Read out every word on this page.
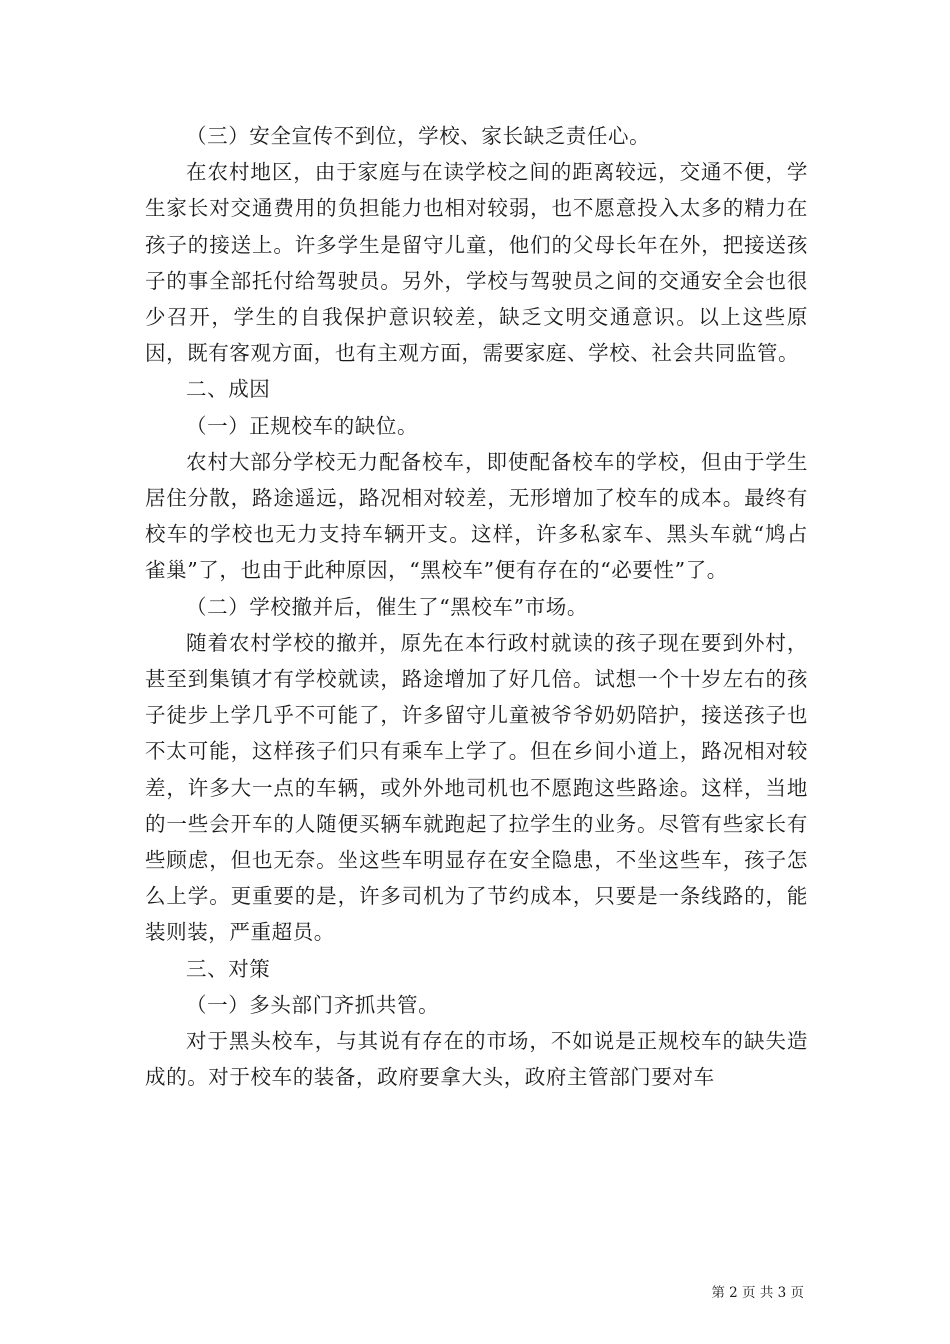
（三）安全宣传不到位，学校、家长缺乏责任心。

在农村地区，由于家庭与在读学校之间的距离较远，交通不便，学生家长对交通费用的负担能力也相对较弱，也不愿意投入太多的精力在孩子的接送上。许多学生是留守儿童，他们的父母长年在外，把接送孩子的事全部托付给驾驶员。另外，学校与驾驶员之间的交通安全会也很少召开，学生的自我保护意识较差，缺乏文明交通意识。以上这些原因，既有客观方面，也有主观方面，需要家庭、学校、社会共同监管。

二、成因

（一）正规校车的缺位。

农村大部分学校无力配备校车，即使配备校车的学校，但由于学生居住分散，路途遥远，路况相对较差，无形增加了校车的成本。最终有校车的学校也无力支持车辆开支。这样，许多私家车、黑头车就“鸠占雀巢”了，也由于此种原因，“黑校车”便有存在的“必要性”了。

（二）学校撤并后，催生了“黑校车”市场。

随着农村学校的撤并，原先在本行政村就读的孩子现在要到外村，甚至到集镇才有学校就读，路途增加了好几倍。试想一个十岁左右的孩子徒步上学几乎不可能了，许多留守儿童被爷爷奶奶陪护，接送孩子也不太可能，这样孩子们只有乘车上学了。但在乡间小道上，路况相对较差，许多大一点的车辆，或外外地司机也不愿跑这些路途。这样，当地的一些会开车的人随便买辆车就跑起了拉学生的业务。尽管有些家长有些顾虑，但也无奈。坐这些车明显存在安全隐患，不坐这些车，孩子怎么上学。更重要的是，许多司机为了节约成本，只要是一条线路的，能装则装，严重超员。

三、对策

（一）多头部门齐抓共管。

对于黑头校车，与其说有存在的市场，不如说是正规校车的缺失造成的。对于校车的装备，政府要拿大头，政府主管部门要对车

第 2 页 共 3 页
